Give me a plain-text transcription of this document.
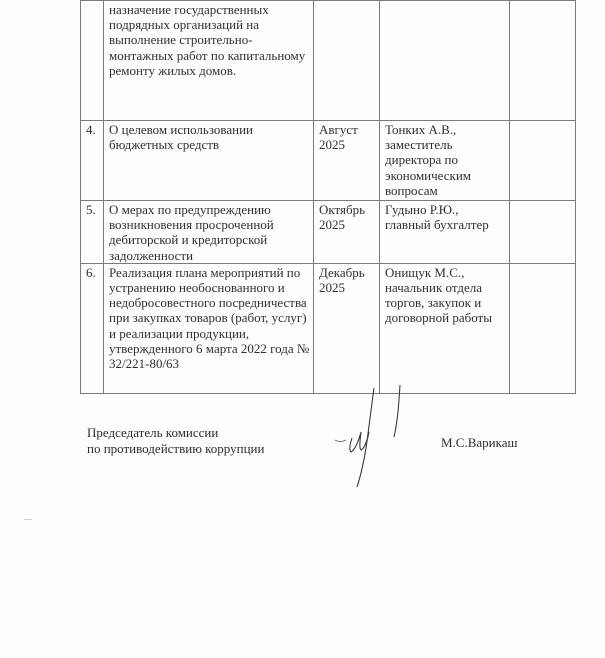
	назначение государственных подрядных организаций на выполнение строительно-монтажных работ по капитальному ремонту жилых домов.			
4.	О целевом использовании бюджетных средств	Август 2025	Тонких А.В., заместитель директора по экономическим вопросам	
5.	О мерах по предупреждению возникновения просроченной дебиторской и кредиторской задолженности	Октябрь 2025	Гудыно Р.Ю., главный бухгалтер	
6.	Реализация плана мероприятий по устранению необоснованного и недобросовестного посредничества при закупках товаров (работ, услуг) и реализации продукции, утвержденного 6 марта 2022 года № 32/221-80/63	Декабрь 2025	Онищук М.С., начальник отдела торгов, закупок и договорной работы	
Председатель комиссии
по противодействию коррупции	М.С.Варикаш
